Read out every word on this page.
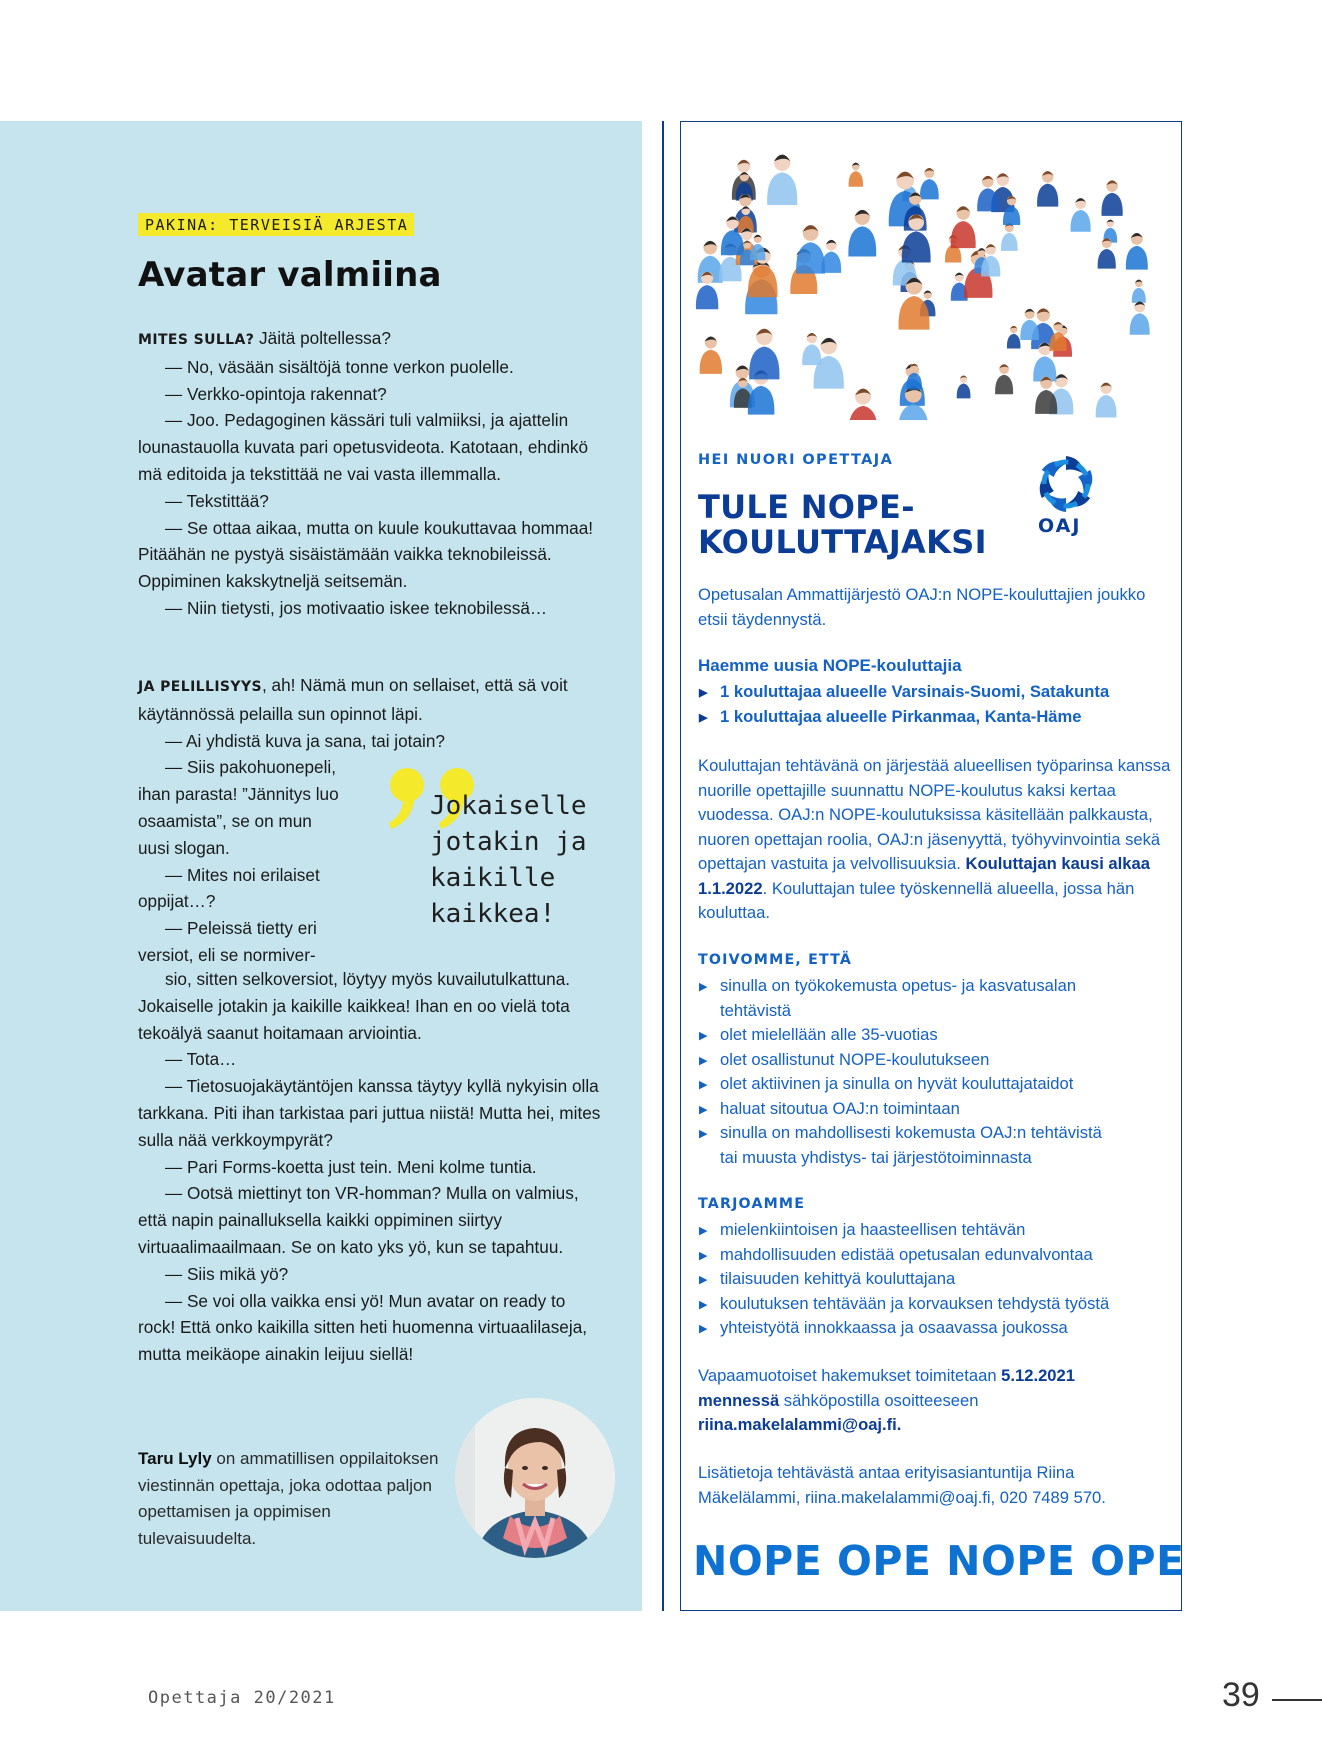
PAKINA: TERVEISIÄ ARJESTA
Avatar valmiina

MITES SULLA? Jäitä poltellessa?

— No, väsään sisältöjä tonne verkon puolelle.

— Verkko-opintoja rakennat?

— Joo. Pedagoginen kässäri tuli valmiiksi, ja ajattelin lounastauolla kuvata pari opetusvideota. Katotaan, ehdinkö mä editoida ja tekstittää ne vai vasta illemmalla.

— Tekstittää?

— Se ottaa aikaa, mutta on kuule koukuttavaa hommaa! Pitäähän ne pystyä sisäistämään vaikka teknobileissä. Oppiminen kakskytneljä seitsemän.

— Niin tietysti, jos motivaatio iskee teknobilessä…

JA PELILLISYYS, ah! Nämä mun on sellaiset, että sä voit käytännössä pelailla sun opinnot läpi.

— Ai yhdistä kuva ja sana, tai jotain?

— Siis pakohuonepeli, ihan parasta! ”Jännitys luo osaamista”, se on mun uusi slogan.

— Mites noi erilaiset oppijat…?

— Peleissä tietty eri versiot, eli se normiver-

sio, sitten selkoversiot, löytyy myös kuvailutulkattuna. Jokaiselle jotakin ja kaikille kaikkea! Ihan en oo vielä tota tekoälyä saanut hoitamaan arviointia.

— Tota…

— Tietosuojakäytäntöjen kanssa täytyy kyllä nykyisin olla tarkkana. Piti ihan tarkistaa pari juttua niistä! Mutta hei, mites sulla nää verkkoympyrät?

— Pari Forms-koetta just tein. Meni kolme tuntia.

— Ootsä miettinyt ton VR-homman? Mulla on valmius, että napin painalluksella kaikki oppiminen siirtyy virtuaalimaailmaan. Se on kato yks yö, kun se tapahtuu.

— Siis mikä yö?

— Se voi olla vaikka ensi yö! Mun avatar on ready to rock! Että onko kaikilla sitten heti huomenna virtuaalilaseja, mutta meikäope ainakin leijuu siellä!

Jokaiselle
jotakin ja
kaikille
kaikkea!

Taru Lyly on ammatillisen oppilaitoksen viestinnän opettaja, joka odottaa paljon opettamisen ja oppimisen tulevaisuudelta.

HEI NUORI OPETTAJA
TULE NOPE-
KOULUTTAJAKSI	OAJ

Opetusalan Ammattijärjestö OAJ:n NOPE-kouluttajien joukko etsii täydennystä.

Haemme uusia NOPE-kouluttajia
▶ 1 kouluttajaa alueelle Varsinais-Suomi, Satakunta
▶ 1 kouluttajaa alueelle Pirkanmaa, Kanta-Häme

Kouluttajan tehtävänä on järjestää alueellisen työparinsa kanssa nuorille opettajille suunnattu NOPE-koulutus kaksi kertaa vuodessa. OAJ:n NOPE-koulutuksissa käsitellään palkkausta, nuoren opettajan roolia, OAJ:n jäsenyyttä, työhyvinvointia sekä opettajan vastuita ja velvollisuuksia. Kouluttajan kausi alkaa 1.1.2022. Kouluttajan tulee työskennellä alueella, jossa hän kouluttaa.

TOIVOMME, ETTÄ
▶ sinulla on työkokemusta opetus- ja kasvatusalan tehtävistä
▶ olet mielellään alle 35-vuotias
▶ olet osallistunut NOPE-koulutukseen
▶ olet aktiivinen ja sinulla on hyvät kouluttajataidot
▶ haluat sitoutua OAJ:n toimintaan
▶ sinulla on mahdollisesti kokemusta OAJ:n tehtävistä tai muusta yhdistys- tai järjestötoiminnasta
TARJOAMME
▶ mielenkiintoisen ja haasteellisen tehtävän
▶ mahdollisuuden edistää opetusalan edunvalvontaa
▶ tilaisuuden kehittyä kouluttajana
▶ koulutuksen tehtävään ja korvauksen tehdystä työstä
▶ yhteistyötä innokkaassa ja osaavassa joukossa

Vapaamuotoiset hakemukset toimitetaan 5.12.2021 mennessä sähköpostilla osoitteeseen riina.makelalammi@oaj.fi.

Lisätietoja tehtävästä antaa erityisasiantuntija Riina Mäkelälammi, riina.makelalammi@oaj.fi, 020 7489 570.

NOPE OPE NOPE OPE
Opettaja 20/2021	39
